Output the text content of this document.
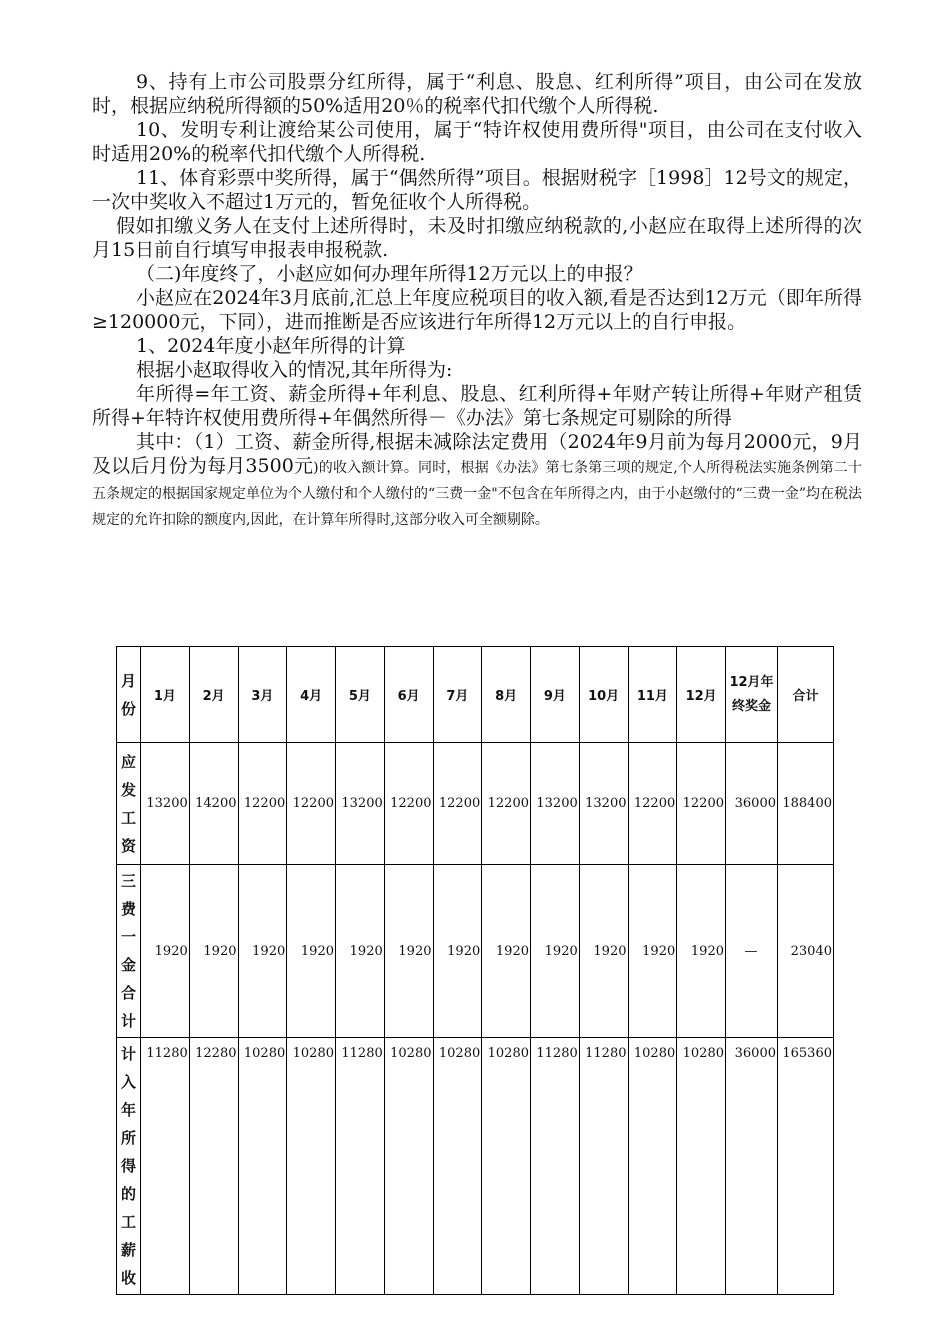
9、持有上市公司股票分红所得，属于“利息、股息、红利所得”项目，由公司在发放时，根据应纳税所得额的50%适用20％的税率代扣代缴个人所得税.

10、发明专利让渡给某公司使用，属于“特许权使用费所得"项目，由公司在支付收入时适用20%的税率代扣代缴个人所得税.

11、体育彩票中奖所得，属于“偶然所得”项目。根据财税字［1998］12号文的规定，一次中奖收入不超过1万元的，暂免征收个人所得税。

假如扣缴义务人在支付上述所得时，未及时扣缴应纳税款的,小赵应在取得上述所得的次月15日前自行填写申报表申报税款.

（二)年度终了，小赵应如何办理年所得12万元以上的申报？

小赵应在2024年3月底前,汇总上年度应税项目的收入额,看是否达到12万元（即年所得≥120000元，下同），进而推断是否应该进行年所得12万元以上的自行申报。

1、2024年度小赵年所得的计算

根据小赵取得收入的情况,其年所得为:

年所得=年工资、薪金所得+年利息、股息、红利所得+年财产转让所得+年财产租赁所得+年特许权使用费所得+年偶然所得－《办法》第七条规定可剔除的所得

其中：（1）工资、薪金所得,根据未减除法定费用（2024年9月前为每月2000元，9月及以后月份为每月3500元)的收入额计算。同时，根据《办法》第七条第三项的规定,个人所得税法实施条例第二十五条规定的根据国家规定单位为个人缴付和个人缴付的“三费一金"不包含在年所得之内，由于小赵缴付的“三费一金”均在税法规定的允许扣除的额度内,因此，在计算年所得时,这部分收入可全额剔除。

月份	1月	2月	3月	4月	5月	6月	7月	8月	9月	10月	11月	12月	12月年终奖金	合计
应发工资	13200	14200	12200	12200	13200	12200	12200	12200	13200	13200	12200	12200	36000	188400
三费一金合计	1920	1920	1920	1920	1920	1920	1920	1920	1920	1920	1920	1920	—	23040
计入年所得的工薪收	11280	12280	10280	10280	11280	10280	10280	10280	11280	11280	10280	10280	36000	165360
